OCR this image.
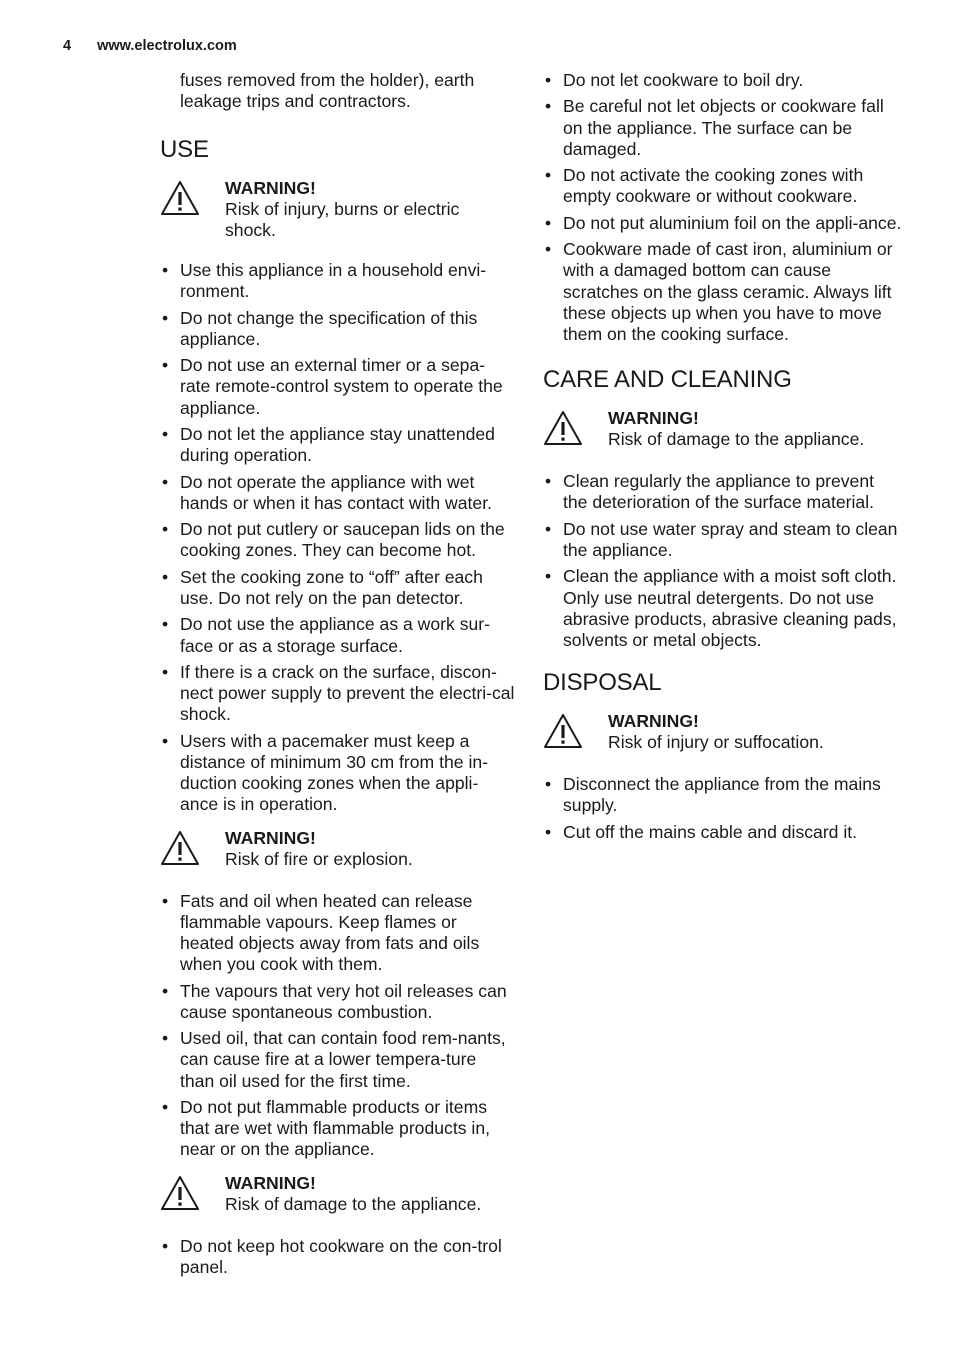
4 www.electrolux.com

fuses removed from the holder), earth leakage trips and contractors.

USE
WARNING!
Risk of injury, burns or electric shock.
• Use this appliance in a household envi-ronment.
• Do not change the specification of this appliance.
• Do not use an external timer or a sepa-rate remote-control system to operate the appliance.
• Do not let the appliance stay unattended during operation.
• Do not operate the appliance with wet hands or when it has contact with water.
• Do not put cutlery or saucepan lids on the cooking zones. They can become hot.
• Set the cooking zone to “off” after each use. Do not rely on the pan detector.
• Do not use the appliance as a work sur-face or as a storage surface.
• If there is a crack on the surface, discon-nect power supply to prevent the electri-cal shock.
• Users with a pacemaker must keep a distance of minimum 30 cm from the in-duction cooking zones when the appli-ance is in operation.
WARNING!
Risk of fire or explosion.
• Fats and oil when heated can release flammable vapours. Keep flames or heated objects away from fats and oils when you cook with them.
• The vapours that very hot oil releases can cause spontaneous combustion.
• Used oil, that can contain food rem-nants, can cause fire at a lower tempera-ture than oil used for the first time.
• Do not put flammable products or items that are wet with flammable products in, near or on the appliance.
WARNING!
Risk of damage to the appliance.
• Do not keep hot cookware on the con-trol panel.
• Do not let cookware to boil dry.
• Be careful not let objects or cookware fall on the appliance. The surface can be damaged.
• Do not activate the cooking zones with empty cookware or without cookware.
• Do not put aluminium foil on the appli-ance.
• Cookware made of cast iron, aluminium or with a damaged bottom can cause scratches on the glass ceramic. Always lift these objects up when you have to move them on the cooking surface.
CARE AND CLEANING
WARNING!
Risk of damage to the appliance.
• Clean regularly the appliance to prevent the deterioration of the surface material.
• Do not use water spray and steam to clean the appliance.
• Clean the appliance with a moist soft cloth. Only use neutral detergents. Do not use abrasive products, abrasive cleaning pads, solvents or metal objects.
DISPOSAL
WARNING!
Risk of injury or suffocation.
• Disconnect the appliance from the mains supply.
• Cut off the mains cable and discard it.
